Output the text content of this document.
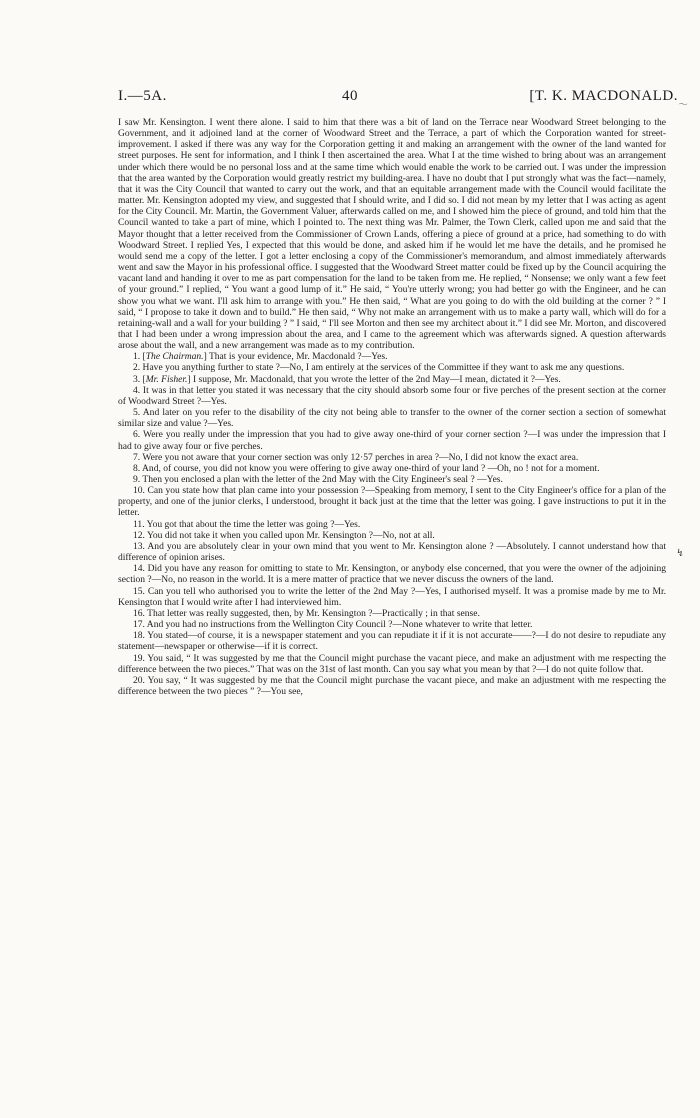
I.—5A.	40	[T. K. MACDONALD.
〜
↯

I saw Mr. Kensington. I went there alone. I said to him that there was a bit of land on the Terrace near Woodward Street belonging to the Government, and it adjoined land at the corner of Woodward Street and the Terrace, a part of which the Corporation wanted for street-improvement. I asked if there was any way for the Corporation getting it and making an arrangement with the owner of the land wanted for street purposes. He sent for information, and I think I then ascertained the area. What I at the time wished to bring about was an arrangement under which there would be no personal loss and at the same time which would enable the work to be carried out. I was under the impression that the area wanted by the Corporation would greatly restrict my building-area. I have no doubt that I put strongly what was the fact—namely, that it was the City Council that wanted to carry out the work, and that an equitable arrangement made with the Council would facilitate the matter. Mr. Kensington adopted my view, and suggested that I should write, and I did so. I did not mean by my letter that I was acting as agent for the City Council. Mr. Martin, the Government Valuer, afterwards called on me, and I showed him the piece of ground, and told him that the Council wanted to take a part of mine, which I pointed to. The next thing was Mr. Palmer, the Town Clerk, called upon me and said that the Mayor thought that a letter received from the Commissioner of Crown Lands, offering a piece of ground at a price, had something to do with Woodward Street. I replied Yes, I expected that this would be done, and asked him if he would let me have the details, and he promised he would send me a copy of the letter. I got a letter enclosing a copy of the Commissioner's memorandum, and almost immediately afterwards went and saw the Mayor in his professional office. I suggested that the Woodward Street matter could be fixed up by the Council acquiring the vacant land and handing it over to me as part compensation for the land to be taken from me. He replied, “ Nonsense; we only want a few feet of your ground.” I replied, “ You want a good lump of it.” He said, “ You're utterly wrong; you had better go with the Engineer, and he can show you what we want. I'll ask him to arrange with you.” He then said, “ What are you going to do with the old building at the corner ? ” I said, “ I propose to take it down and to build.” He then said, “ Why not make an arrangement with us to make a party wall, which will do for a retaining-wall and a wall for your building ? ” I said, “ I'll see Morton and then see my architect about it.” I did see Mr. Morton, and discovered that I had been under a wrong impression about the area, and I came to the agreement which was afterwards signed. A question afterwards arose about the wall, and a new arrangement was made as to my contribution.

1. [The Chairman.] That is your evidence, Mr. Macdonald ?—Yes.

2. Have you anything further to state ?—No, I am entirely at the services of the Committee if they want to ask me any questions.

3. [Mr. Fisher.] I suppose, Mr. Macdonald, that you wrote the letter of the 2nd May—I mean, dictated it ?—Yes.

4. It was in that letter you stated it was necessary that the city should absorb some four or five perches of the present section at the corner of Woodward Street ?—Yes.

5. And later on you refer to the disability of the city not being able to transfer to the owner of the corner section a section of somewhat similar size and value ?—Yes.

6. Were you really under the impression that you had to give away one-third of your corner section ?—I was under the impression that I had to give away four or five perches.

7. Were you not aware that your corner section was only 12·57 perches in area ?—No, I did not know the exact area.

8. And, of course, you did not know you were offering to give away one-third of your land ? —Oh, no ! not for a moment.

9. Then you enclosed a plan with the letter of the 2nd May with the City Engineer's seal ? —Yes.

10. Can you state how that plan came into your possession ?—Speaking from memory, I sent to the City Engineer's office for a plan of the property, and one of the junior clerks, I understood, brought it back just at the time that the letter was going. I gave instructions to put it in the letter.

11. You got that about the time the letter was going ?—Yes.

12. You did not take it when you called upon Mr. Kensington ?—No, not at all.

13. And you are absolutely clear in your own mind that you went to Mr. Kensington alone ? —Absolutely. I cannot understand how that difference of opinion arises.

14. Did you have any reason for omitting to state to Mr. Kensington, or anybody else concerned, that you were the owner of the adjoining section ?—No, no reason in the world. It is a mere matter of practice that we never discuss the owners of the land.

15. Can you tell who authorised you to write the letter of the 2nd May ?—Yes, I authorised myself. It was a promise made by me to Mr. Kensington that I would write after I had interviewed him.

16. That letter was really suggested, then, by Mr. Kensington ?—Practically ; in that sense.

17. And you had no instructions from the Wellington City Council ?—None whatever to write that letter.

18. You stated—of course, it is a newspaper statement and you can repudiate it if it is not accurate——?—I do not desire to repudiate any statement—newspaper or otherwise—if it is correct.

19. You said, “ It was suggested by me that the Council might purchase the vacant piece, and make an adjustment with me respecting the difference between the two pieces.” That was on the 31st of last month. Can you say what you mean by that ?—I do not quite follow that.

20. You say, “ It was suggested by me that the Council might purchase the vacant piece, and make an adjustment with me respecting the difference between the two pieces ” ?—You see,
